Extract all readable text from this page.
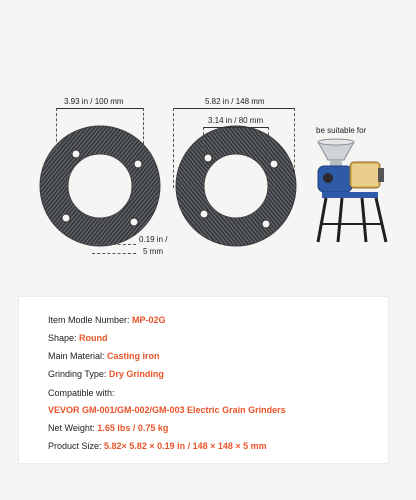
3.93 in / 100 mm	5.82 in / 148 mm
3.14 in / 80 mm
0.19 in /
5 mm
be suitable for
Item Modle Number: MP-02G
Shape: Round
Main Material: Casting iron
Grinding Type: Dry Grinding
Compatible with:
VEVOR GM-001/GM-002/GM-003 Electric Grain Grinders
Net Weight: 1.65 lbs / 0.75 kg
Product Size: 5.82× 5.82 × 0.19 in / 148 × 148 × 5 mm
